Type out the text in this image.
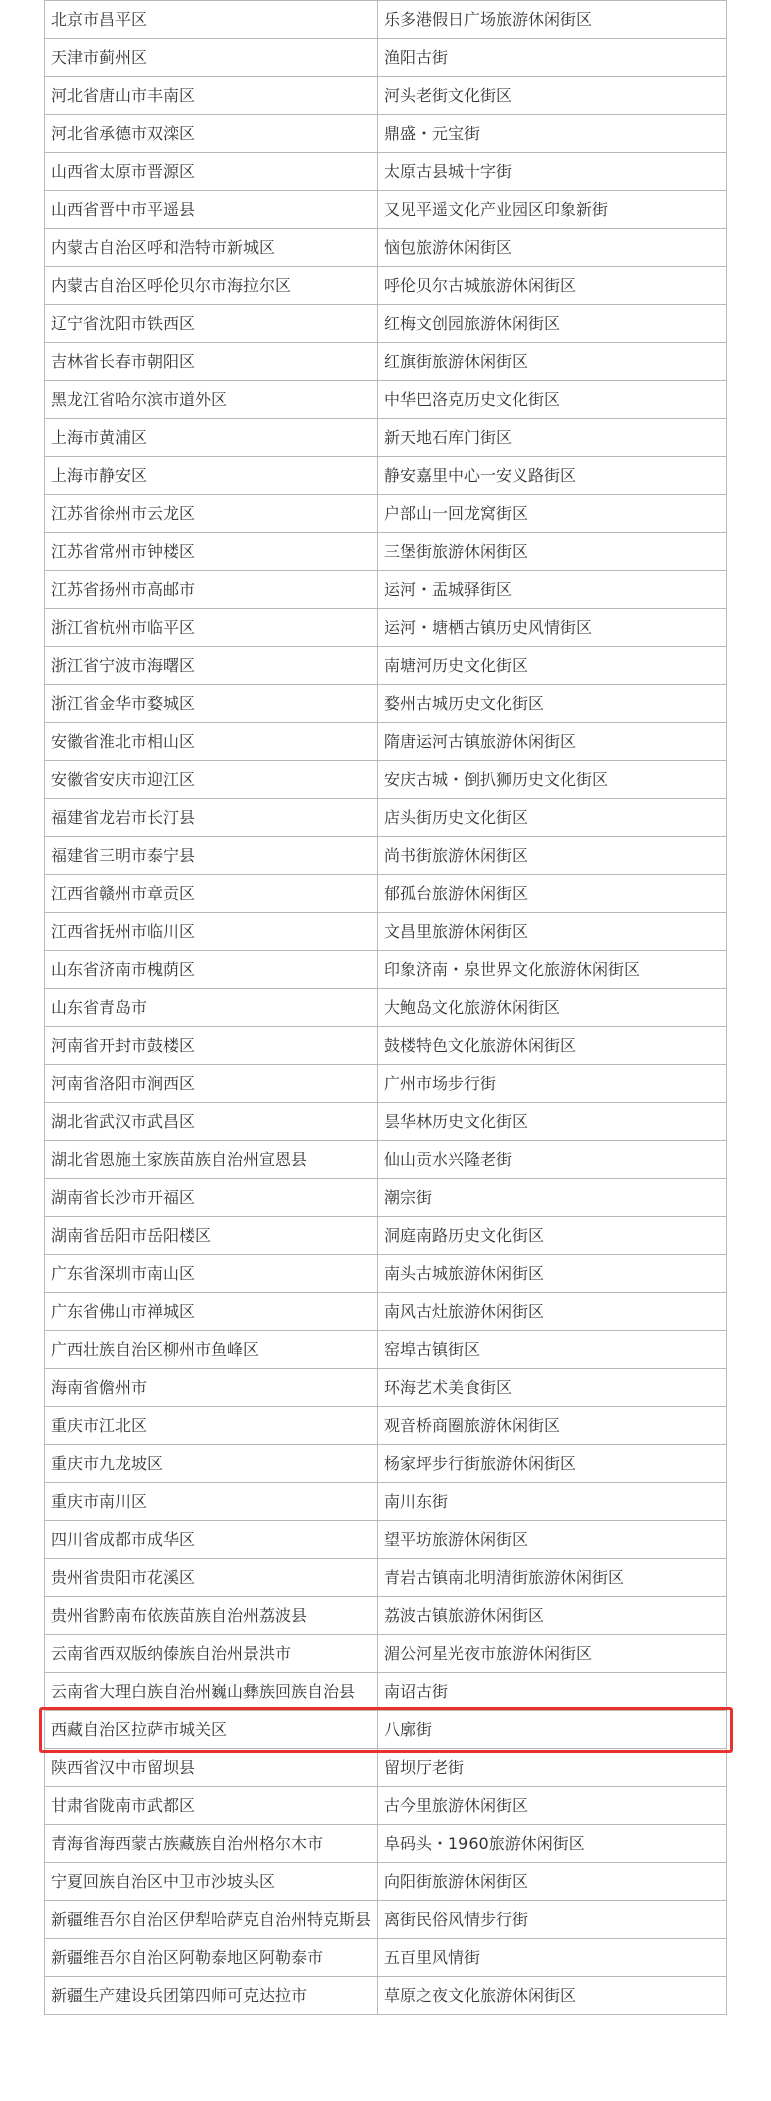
北京市昌平区	乐多港假日广场旅游休闲街区
天津市蓟州区	渔阳古街
河北省唐山市丰南区	河头老街文化街区
河北省承德市双滦区	鼎盛・元宝街
山西省太原市晋源区	太原古县城十字街
山西省晋中市平遥县	又见平遥文化产业园区印象新街
内蒙古自治区呼和浩特市新城区	恼包旅游休闲街区
内蒙古自治区呼伦贝尔市海拉尔区	呼伦贝尔古城旅游休闲街区
辽宁省沈阳市铁西区	红梅文创园旅游休闲街区
吉林省长春市朝阳区	红旗街旅游休闲街区
黑龙江省哈尔滨市道外区	中华巴洛克历史文化街区
上海市黄浦区	新天地石库门街区
上海市静安区	静安嘉里中心一安义路街区
江苏省徐州市云龙区	户部山一回龙窝街区
江苏省常州市钟楼区	三堡街旅游休闲街区
江苏省扬州市高邮市	运河・盂城驿街区
浙江省杭州市临平区	运河・塘栖古镇历史风情街区
浙江省宁波市海曙区	南塘河历史文化街区
浙江省金华市婺城区	婺州古城历史文化街区
安徽省淮北市相山区	隋唐运河古镇旅游休闲街区
安徽省安庆市迎江区	安庆古城・倒扒狮历史文化街区
福建省龙岩市长汀县	店头街历史文化街区
福建省三明市泰宁县	尚书街旅游休闲街区
江西省赣州市章贡区	郁孤台旅游休闲街区
江西省抚州市临川区	文昌里旅游休闲街区
山东省济南市槐荫区	印象济南・泉世界文化旅游休闲街区
山东省青岛市	大鲍岛文化旅游休闲街区
河南省开封市鼓楼区	鼓楼特色文化旅游休闲街区
河南省洛阳市涧西区	广州市场步行街
湖北省武汉市武昌区	昙华林历史文化街区
湖北省恩施土家族苗族自治州宣恩县	仙山贡水兴隆老街
湖南省长沙市开福区	潮宗街
湖南省岳阳市岳阳楼区	洞庭南路历史文化街区
广东省深圳市南山区	南头古城旅游休闲街区
广东省佛山市禅城区	南风古灶旅游休闲街区
广西壮族自治区柳州市鱼峰区	窑埠古镇街区
海南省儋州市	环海艺术美食街区
重庆市江北区	观音桥商圈旅游休闲街区
重庆市九龙坡区	杨家坪步行街旅游休闲街区
重庆市南川区	南川东街
四川省成都市成华区	望平坊旅游休闲街区
贵州省贵阳市花溪区	青岩古镇南北明清街旅游休闲街区
贵州省黔南布依族苗族自治州荔波县	荔波古镇旅游休闲街区
云南省西双版纳傣族自治州景洪市	湄公河星光夜市旅游休闲街区
云南省大理白族自治州巍山彝族回族自治县	南诏古街
西藏自治区拉萨市城关区	八廓街
陕西省汉中市留坝县	留坝厅老街
甘肃省陇南市武都区	古今里旅游休闲街区
青海省海西蒙古族藏族自治州格尔木市	阜码头・1960旅游休闲街区
宁夏回族自治区中卫市沙坡头区	向阳街旅游休闲街区
新疆维吾尔自治区伊犁哈萨克自治州特克斯县	离街民俗风情步行街
新疆维吾尔自治区阿勒泰地区阿勒泰市	五百里风情街
新疆生产建设兵团第四师可克达拉市	草原之夜文化旅游休闲街区
